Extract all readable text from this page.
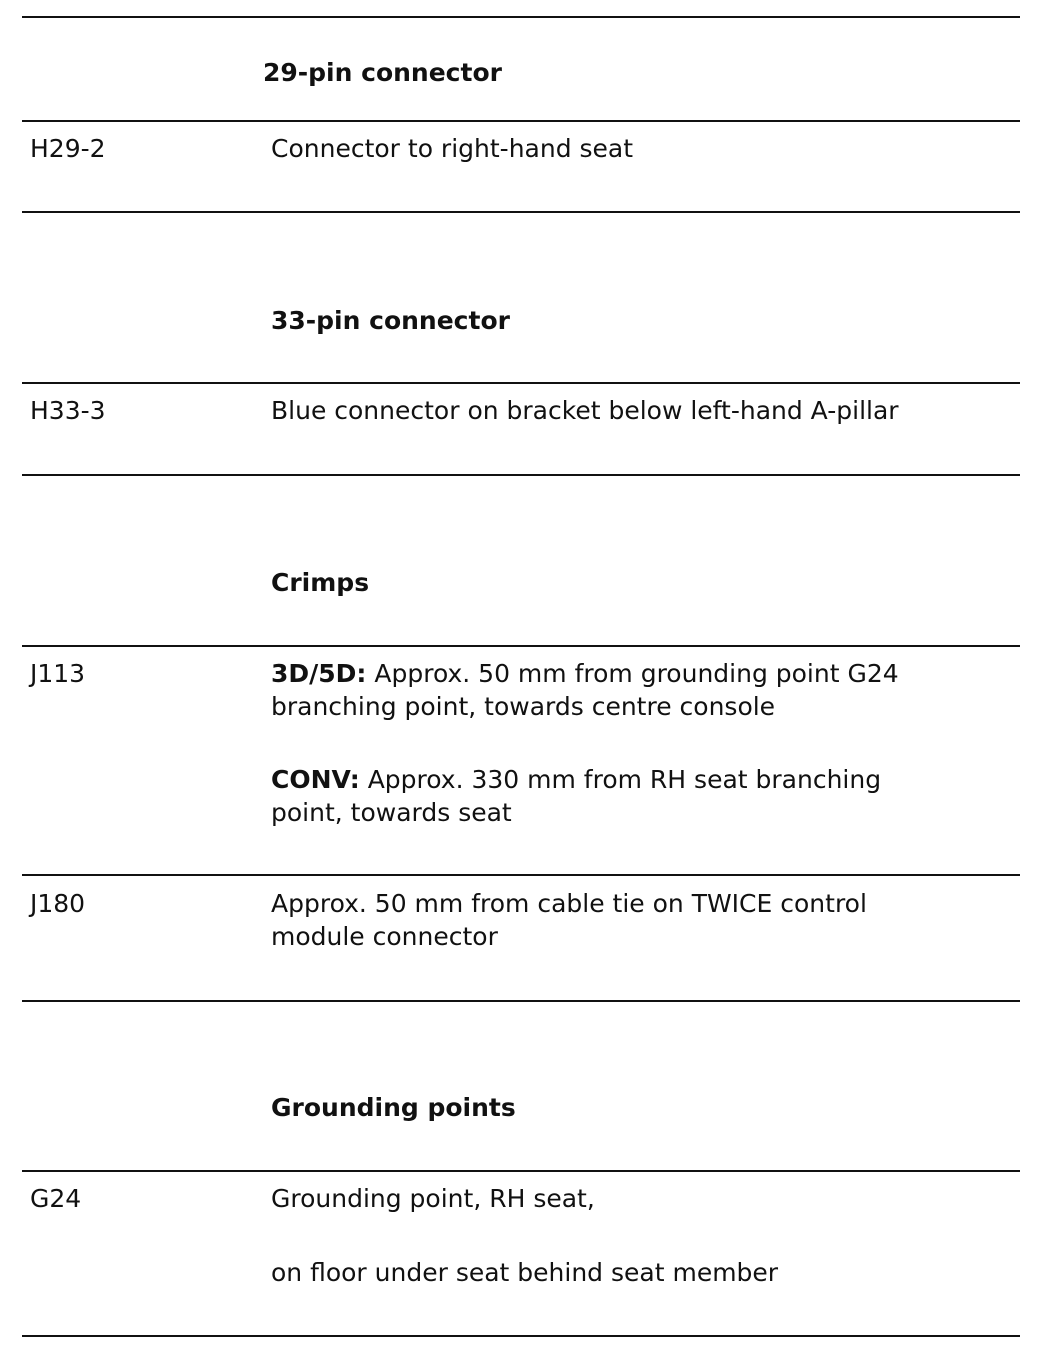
29-pin connector
H29-2	Connector to right-hand seat
33-pin connector
H33-3	Blue connector on bracket below left-hand A-pillar
Crimps
J113	3D/5D: Approx. 50 mm from grounding point G24
branching point, towards centre console
CONV: Approx. 330 mm from RH seat branching
point, towards seat
J180	Approx. 50 mm from cable tie on TWICE control
module connector
Grounding points
G24	Grounding point, RH seat,
on floor under seat behind seat member
